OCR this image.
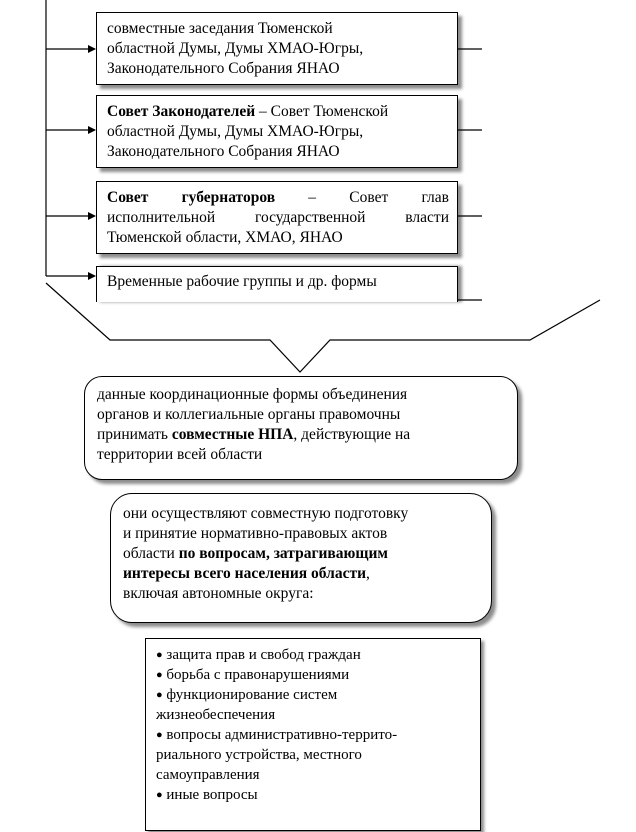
совместные заседания Тюменской
областной Думы, Думы ХМАО-Югры,
Законодательного Собрания ЯНАО
Совет Законодателей – Совет Тюменской
областной Думы, Думы ХМАО-Югры,
Законодательного Собрания ЯНАО
Совет губернаторов – Совет глав
исполнительной государственной власти
Тюменской области, ХМАО, ЯНАО
Временные рабочие группы и др. формы
данные координационные формы объединения
органов и коллегиальные органы правомочны
принимать совместные НПА, действующие на
территории всей области
они осуществляют совместную подготовку
и принятие нормативно-правовых актов
области по вопросам, затрагивающим
интересы всего населения области,
включая автономные округа:
● защита прав и свобод граждан
● борьба с правонарушениями
● функционирование систем
жизнеобеспечения
● вопросы административно-террито-
риального устройства, местного
самоуправления
● иные вопросы
